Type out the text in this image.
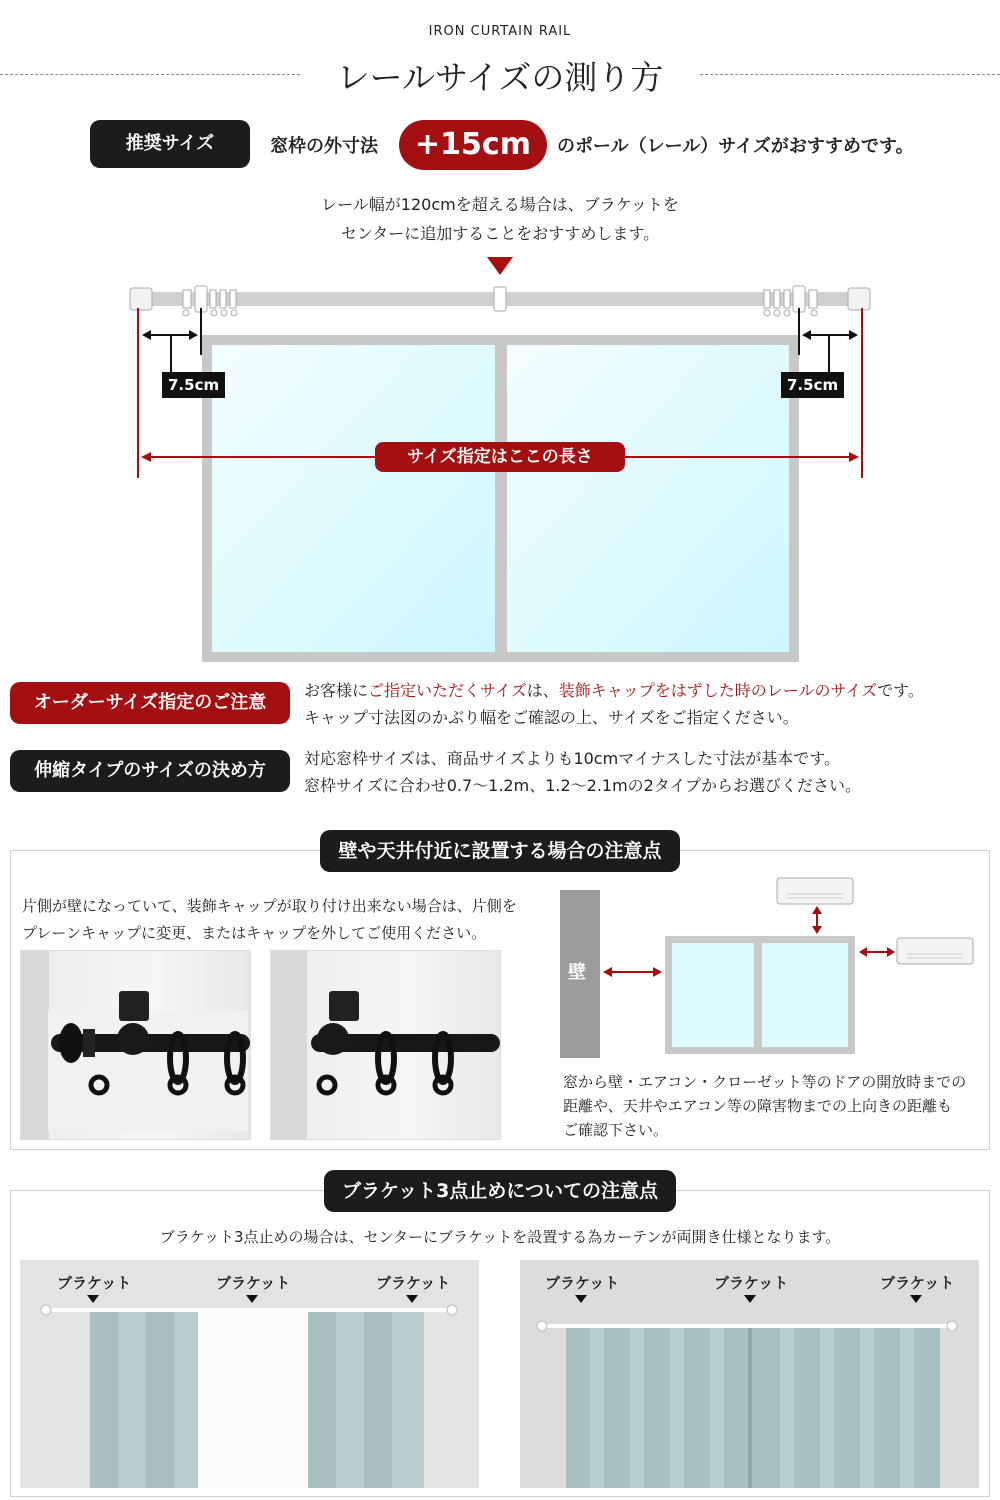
IRON CURTAIN RAIL
レールサイズの測り方
推奨サイズ	窓枠の外寸法	+15cm	のポール（レール）サイズがおすすめです。
レール幅が120cmを超える場合は、ブラケットを
センターに追加することをおすすめします。
7.5cm	7.5cm
サイズ指定はここの長さ
オーダーサイズ指定のご注意
お客様にご指定いただくサイズは、装飾キャップをはずした時のレールのサイズです。
キャップ寸法図のかぶり幅をご確認の上、サイズをご指定ください。
伸縮タイプのサイズの決め方
対応窓枠サイズは、商品サイズよりも10cmマイナスした寸法が基本です。
窓枠サイズに合わせ0.7〜1.2m、1.2〜2.1mの2タイプからお選びください。
壁や天井付近に設置する場合の注意点
片側が壁になっていて、装飾キャップが取り付け出来ない場合は、片側を
プレーンキャップに変更、またはキャップを外してご使用ください。
壁
窓から壁・エアコン・クローゼット等のドアの開放時までの
距離や、天井やエアコン等の障害物までの上向きの距離も
ご確認下さい。
ブラケット3点止めについての注意点
ブラケット3点止めの場合は、センターにブラケットを設置する為カーテンが両開き仕様となります。
ブラケット	ブラケット	ブラケット	ブラケット	ブラケット	ブラケット
